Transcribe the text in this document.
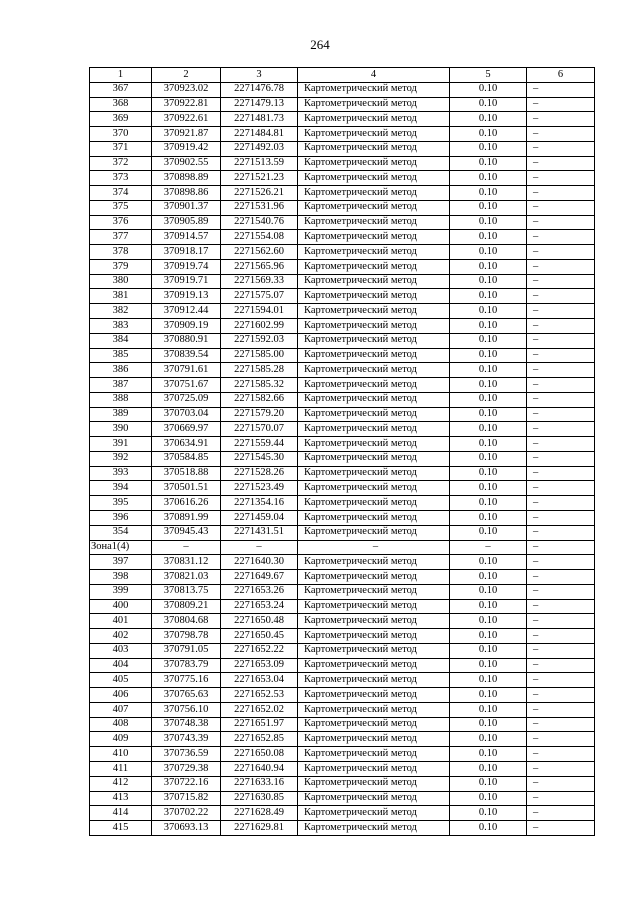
264
1	2	3	4	5	6
367	370923.02	2271476.78	Картометрический метод	0.10	–
368	370922.81	2271479.13	Картометрический метод	0.10	–
369	370922.61	2271481.73	Картометрический метод	0.10	–
370	370921.87	2271484.81	Картометрический метод	0.10	–
371	370919.42	2271492.03	Картометрический метод	0.10	–
372	370902.55	2271513.59	Картометрический метод	0.10	–
373	370898.89	2271521.23	Картометрический метод	0.10	–
374	370898.86	2271526.21	Картометрический метод	0.10	–
375	370901.37	2271531.96	Картометрический метод	0.10	–
376	370905.89	2271540.76	Картометрический метод	0.10	–
377	370914.57	2271554.08	Картометрический метод	0.10	–
378	370918.17	2271562.60	Картометрический метод	0.10	–
379	370919.74	2271565.96	Картометрический метод	0.10	–
380	370919.71	2271569.33	Картометрический метод	0.10	–
381	370919.13	2271575.07	Картометрический метод	0.10	–
382	370912.44	2271594.01	Картометрический метод	0.10	–
383	370909.19	2271602.99	Картометрический метод	0.10	–
384	370880.91	2271592.03	Картометрический метод	0.10	–
385	370839.54	2271585.00	Картометрический метод	0.10	–
386	370791.61	2271585.28	Картометрический метод	0.10	–
387	370751.67	2271585.32	Картометрический метод	0.10	–
388	370725.09	2271582.66	Картометрический метод	0.10	–
389	370703.04	2271579.20	Картометрический метод	0.10	–
390	370669.97	2271570.07	Картометрический метод	0.10	–
391	370634.91	2271559.44	Картометрический метод	0.10	–
392	370584.85	2271545.30	Картометрический метод	0.10	–
393	370518.88	2271528.26	Картометрический метод	0.10	–
394	370501.51	2271523.49	Картометрический метод	0.10	–
395	370616.26	2271354.16	Картометрический метод	0.10	–
396	370891.99	2271459.04	Картометрический метод	0.10	–
354	370945.43	2271431.51	Картометрический метод	0.10	–
Зона1(4)	–	–	–	–	–
397	370831.12	2271640.30	Картометрический метод	0.10	–
398	370821.03	2271649.67	Картометрический метод	0.10	–
399	370813.75	2271653.26	Картометрический метод	0.10	–
400	370809.21	2271653.24	Картометрический метод	0.10	–
401	370804.68	2271650.48	Картометрический метод	0.10	–
402	370798.78	2271650.45	Картометрический метод	0.10	–
403	370791.05	2271652.22	Картометрический метод	0.10	–
404	370783.79	2271653.09	Картометрический метод	0.10	–
405	370775.16	2271653.04	Картометрический метод	0.10	–
406	370765.63	2271652.53	Картометрический метод	0.10	–
407	370756.10	2271652.02	Картометрический метод	0.10	–
408	370748.38	2271651.97	Картометрический метод	0.10	–
409	370743.39	2271652.85	Картометрический метод	0.10	–
410	370736.59	2271650.08	Картометрический метод	0.10	–
411	370729.38	2271640.94	Картометрический метод	0.10	–
412	370722.16	2271633.16	Картометрический метод	0.10	–
413	370715.82	2271630.85	Картометрический метод	0.10	–
414	370702.22	2271628.49	Картометрический метод	0.10	–
415	370693.13	2271629.81	Картометрический метод	0.10	–
